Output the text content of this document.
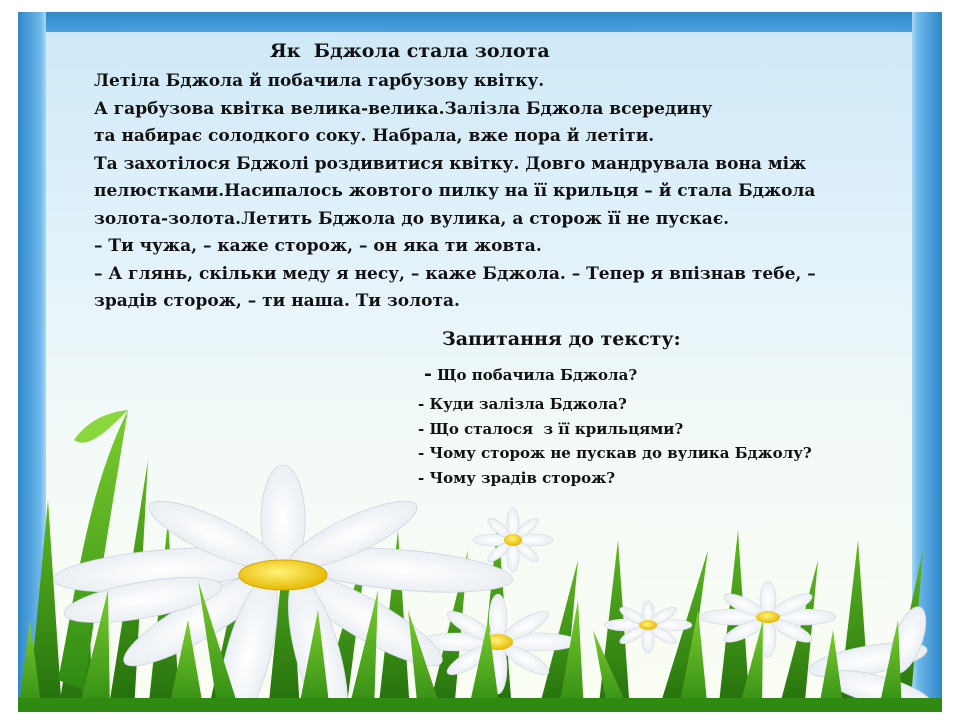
Як  Бджола стала золота
Летіла Бджола й побачила гарбузову квітку.
А гарбузова квітка велика-велика.Залізла Бджола всередину
та набирає солодкого соку. Набрала, вже пора й летіти.
Та захотілося Бджолі роздивитися квітку. Довго мандрувала вона між
пелюстками.Насипалось жовтого пилку на її крильця – й стала Бджола
золота-золота.Летить Бджола до вулика, а сторож її не пускає.
– Ти чужа, – каже сторож, – он яка ти жовта.
– А глянь, скільки меду я несу, – каже Бджола. – Тепер я впізнав тебе, –
зрадів сторож, – ти наша. Ти золота.
Запитання до тексту:
- Що побачила Бджола?
- Куди залізла Бджола?
- Що сталося  з її крильцями?
- Чому сторож не пускав до вулика Бджолу?
- Чому зрадів сторож?
